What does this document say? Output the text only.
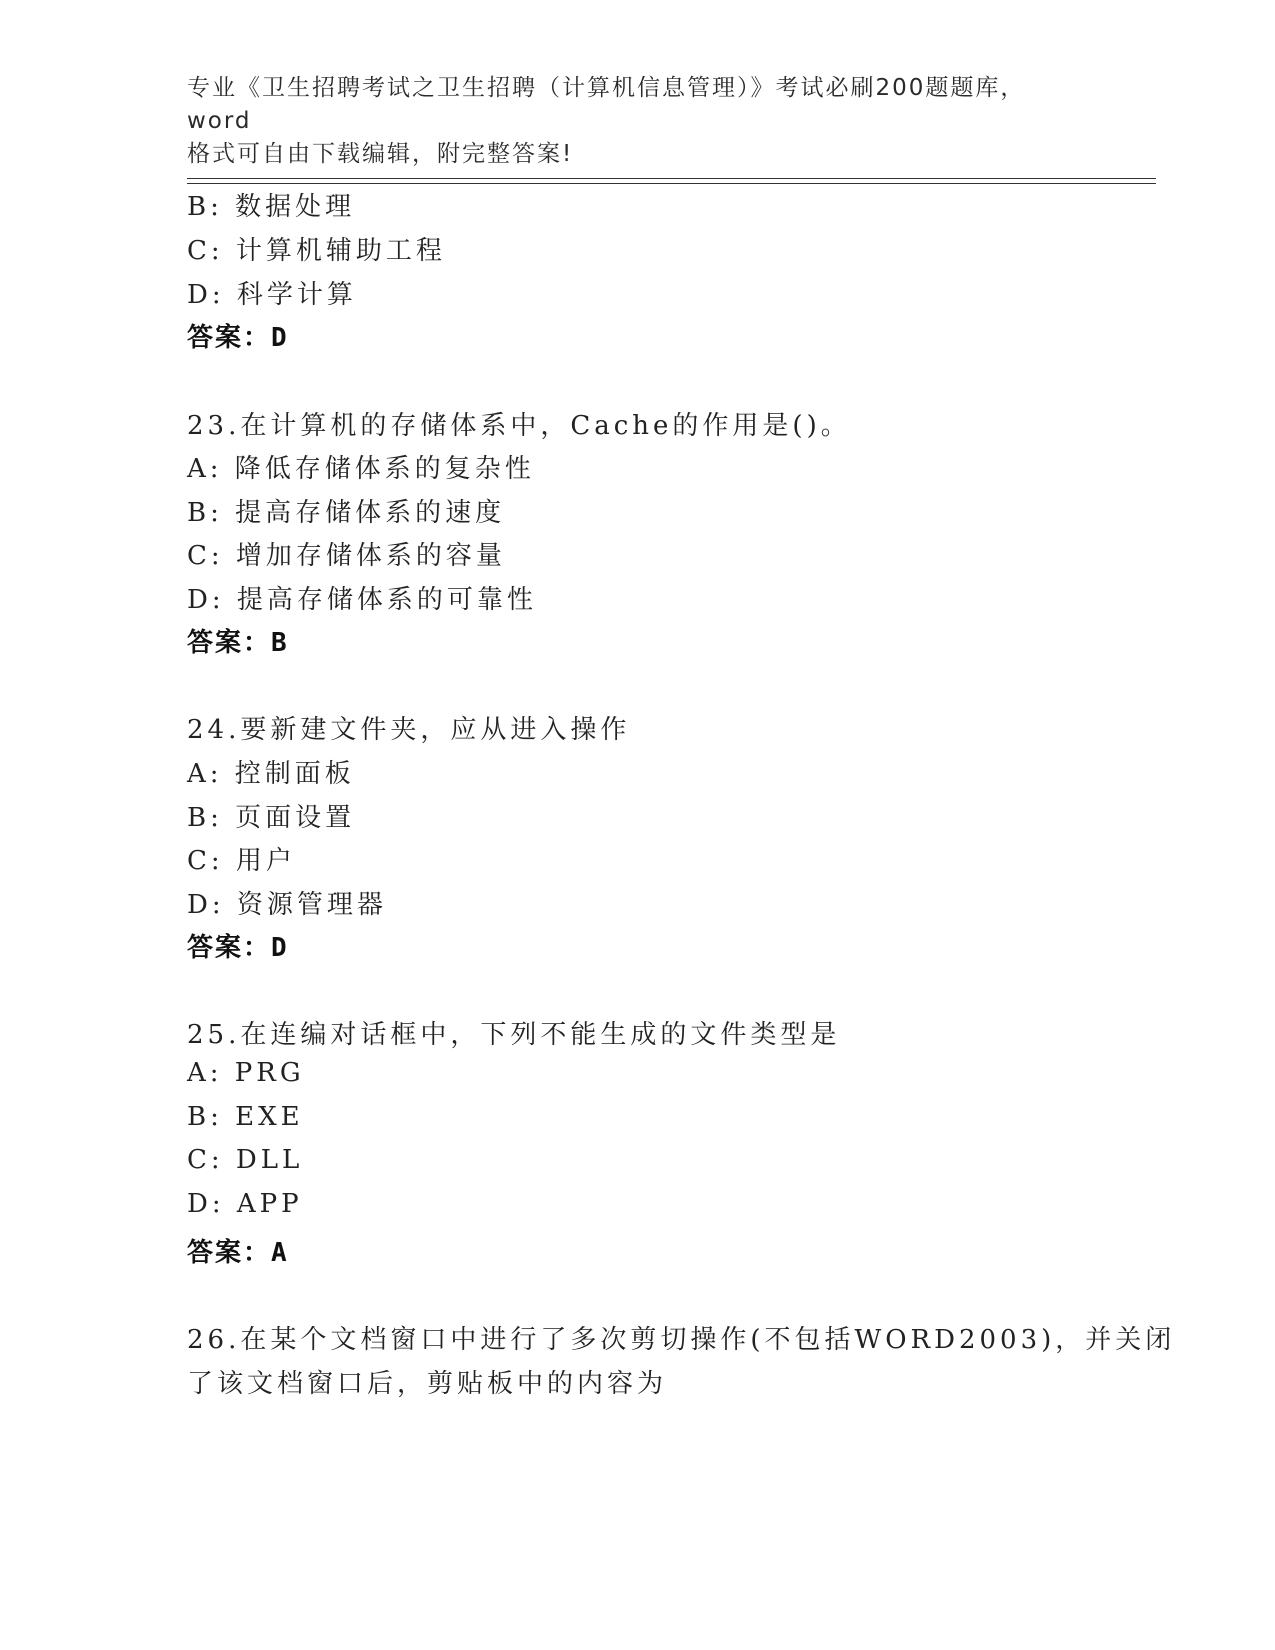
专业《卫生招聘考试之卫生招聘（计算机信息管理）》考试必刷200题题库，word
格式可自由下载编辑，附完整答案!
B: 数据处理
C: 计算机辅助工程
D: 科学计算
答案：D
23.在计算机的存储体系中，Cache的作用是()。
A: 降低存储体系的复杂性
B: 提高存储体系的速度
C: 增加存储体系的容量
D: 提高存储体系的可靠性
答案：B
24.要新建文件夹，应从进入操作
A: 控制面板
B: 页面设置
C: 用户
D: 资源管理器
答案：D
25.在连编对话框中，下列不能生成的文件类型是
A: PRG
B: EXE
C: DLL
D: APP
答案：A
26.在某个文档窗口中进行了多次剪切操作(不包括WORD2003)，并关闭
了该文档窗口后，剪贴板中的内容为
